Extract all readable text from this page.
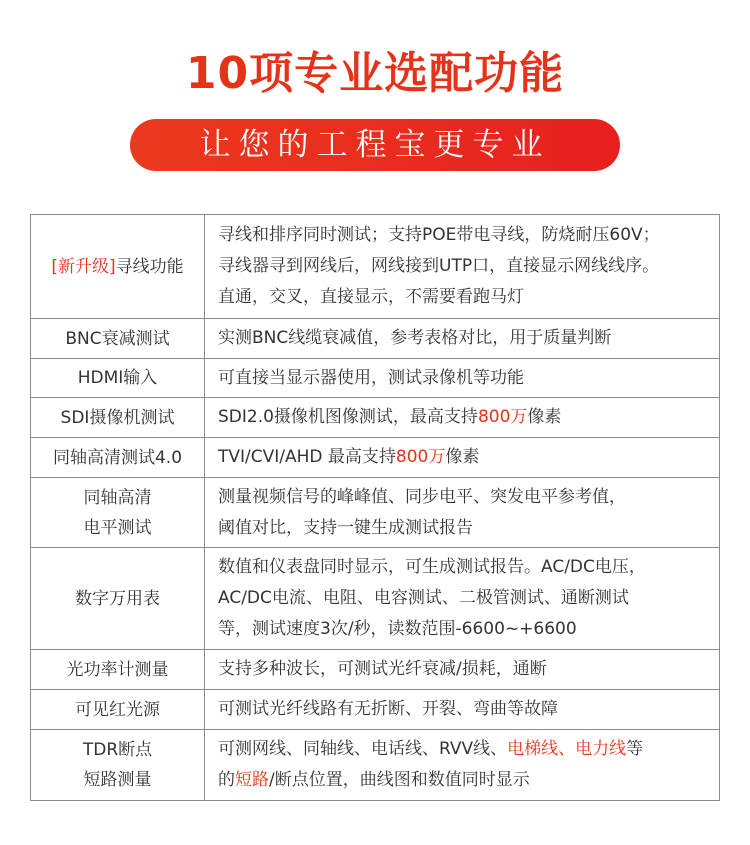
10项专业选配功能
让您的工程宝更专业
[新升级]寻线功能	寻线和排序同时测试；支持POE带电寻线，防烧耐压60V；
寻线器寻到网线后，网线接到UTP口，直接显示网线线序。
直通，交叉，直接显示，不需要看跑马灯

BNC衰减测试	实测BNC线缆衰减值，参考表格对比，用于质量判断
HDMI输入	可直接当显示器使用，测试录像机等功能
SDI摄像机测试	SDI2.0摄像机图像测试，最高支持800万像素
同轴高清测试4.0	TVI/CVI/AHD 最高支持800万像素

同轴高清
电平测试	测量视频信号的峰峰值、同步电平、突发电平参考值，
阈值对比，支持一键生成测试报告

数字万用表	数值和仪表盘同时显示，可生成测试报告。AC/DC电压，
AC/DC电流、电阻、电容测试、二极管测试、通断测试
等，测试速度3次/秒，读数范围-6600~+6600

光功率计测量	支持多种波长，可测试光纤衰减/损耗，通断
可见红光源	可测试光纤线路有无折断、开裂、弯曲等故障

TDR断点
短路测量	可测网线、同轴线、电话线、RVV线、电梯线、电力线等
的短路/断点位置，曲线图和数值同时显示
